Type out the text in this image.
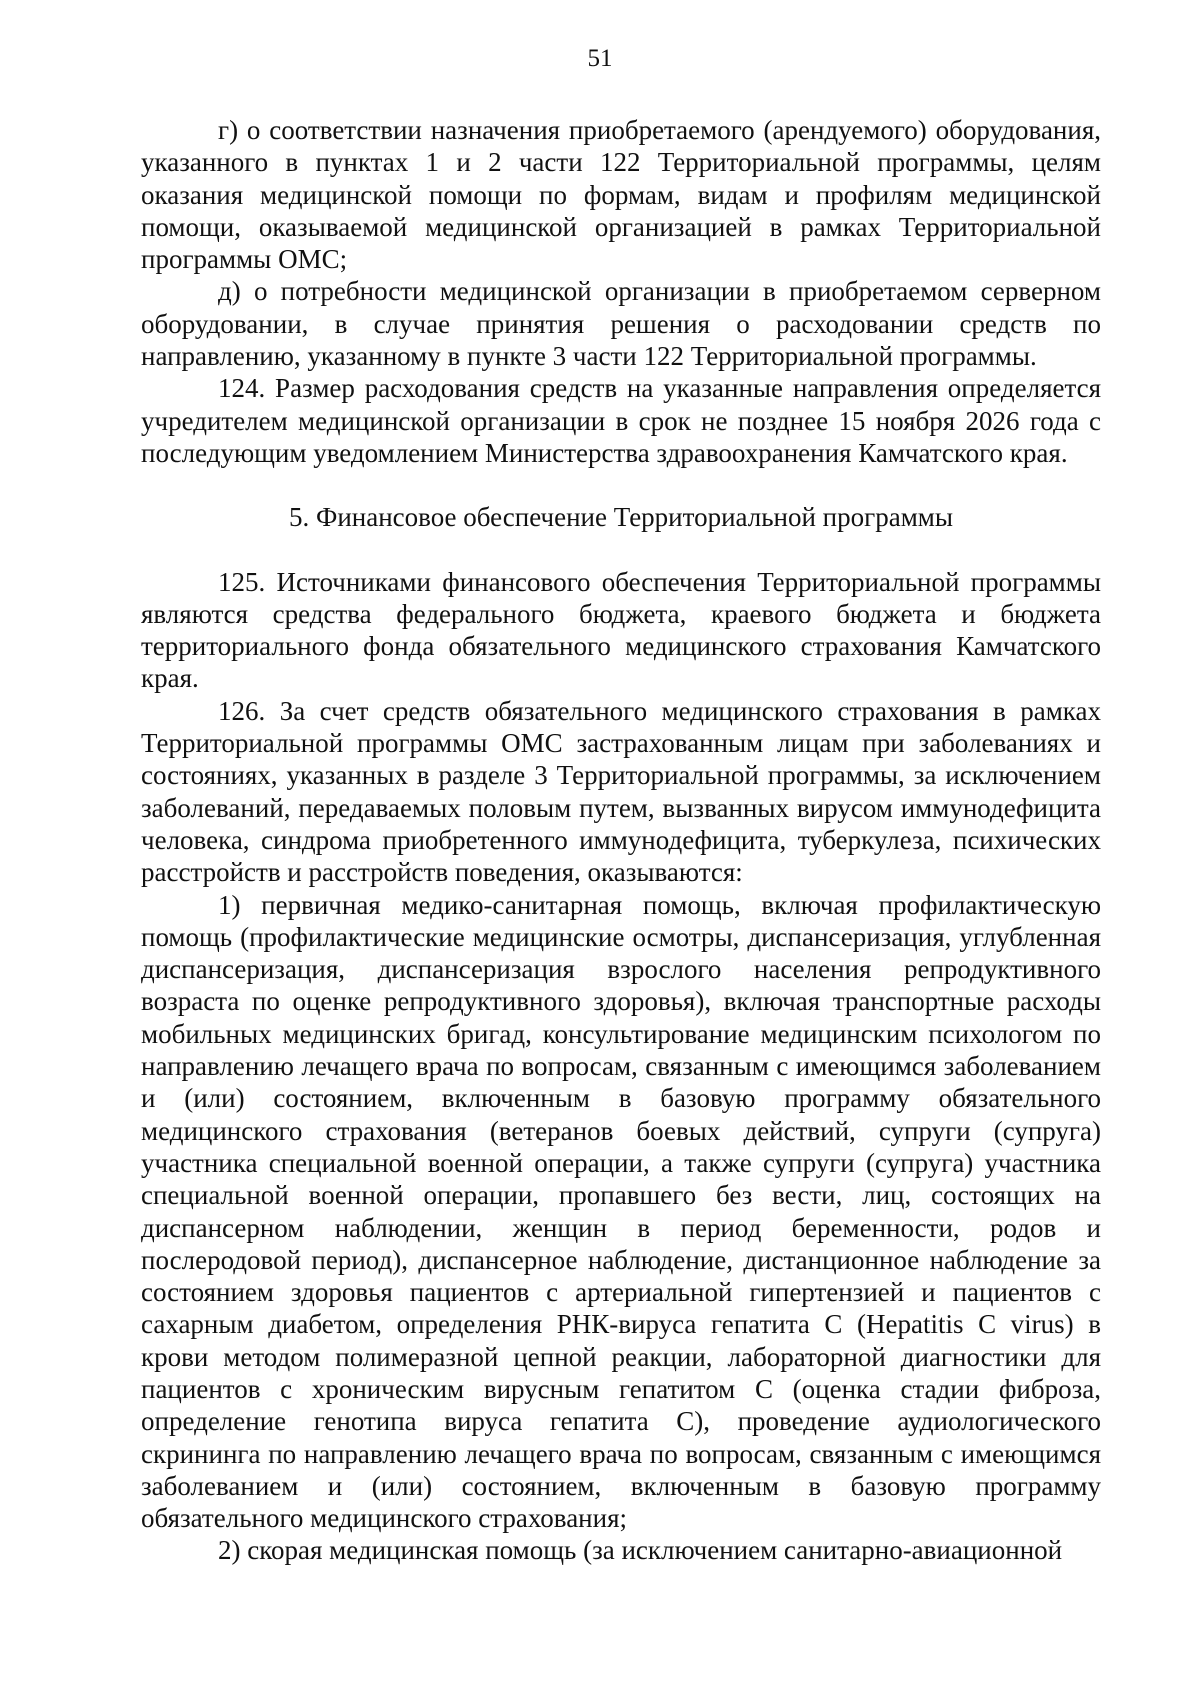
51

г) о соответствии назначения приобретаемого (арендуемого) оборудования, указанного в пунктах 1 и 2 части 122 Территориальной программы, целям оказания медицинской помощи по формам, видам и профилям медицинской помощи, оказываемой медицинской организацией в рамках Территориальной программы ОМС;

д) о потребности медицинской организации в приобретаемом серверном оборудовании, в случае принятия решения о расходовании средств по направлению, указанному в пункте 3 части 122 Территориальной программы.

124. Размер расходования средств на указанные направления определяется учредителем медицинской организации в срок не позднее 15 ноября 2026 года с последующим уведомлением Министерства здравоохранения Камчатского края.

5. Финансовое обеспечение Территориальной программы

125. Источниками финансового обеспечения Территориальной программы являются средства федерального бюджета, краевого бюджета и бюджета территориального фонда обязательного медицинского страхования Камчатского края.

126. За счет средств обязательного медицинского страхования в рамках Территориальной программы ОМС застрахованным лицам при заболеваниях и состояниях, указанных в разделе 3 Территориальной программы, за исключением заболеваний, передаваемых половым путем, вызванных вирусом иммунодефицита человека, синдрома приобретенного иммунодефицита, туберкулеза, психических расстройств и расстройств поведения, оказываются:

1) первичная медико-санитарная помощь, включая профилактическую помощь (профилактические медицинские осмотры, диспансеризация, углубленная диспансеризация, диспансеризация взрослого населения репродуктивного возраста по оценке репродуктивного здоровья), включая транспортные расходы мобильных медицинских бригад, консультирование медицинским психологом по направлению лечащего врача по вопросам, связанным с имеющимся заболеванием и (или) состоянием, включенным в базовую программу обязательного медицинского страхования (ветеранов боевых действий, супруги (супруга) участника специальной военной операции, а также супруги (супруга) участника специальной военной операции, пропавшего без вести, лиц, состоящих на диспансерном наблюдении, женщин в период беременности, родов и послеродовой период), диспансерное наблюдение, дистанционное наблюдение за состоянием здоровья пациентов с артериальной гипертензией и пациентов с сахарным диабетом, определения РНК-вируса гепатита С (Hepatitis C virus) в крови методом полимеразной цепной реакции, лабораторной диагностики для пациентов с хроническим вирусным гепатитом С (оценка стадии фиброза, определение генотипа вируса гепатита С), проведение аудиологического скрининга по направлению лечащего врача по вопросам, связанным с имеющимся заболеванием и (или) состоянием, включенным в базовую программу обязательного медицинского страхования;

2) скорая медицинская помощь (за исключением санитарно-авиационной
